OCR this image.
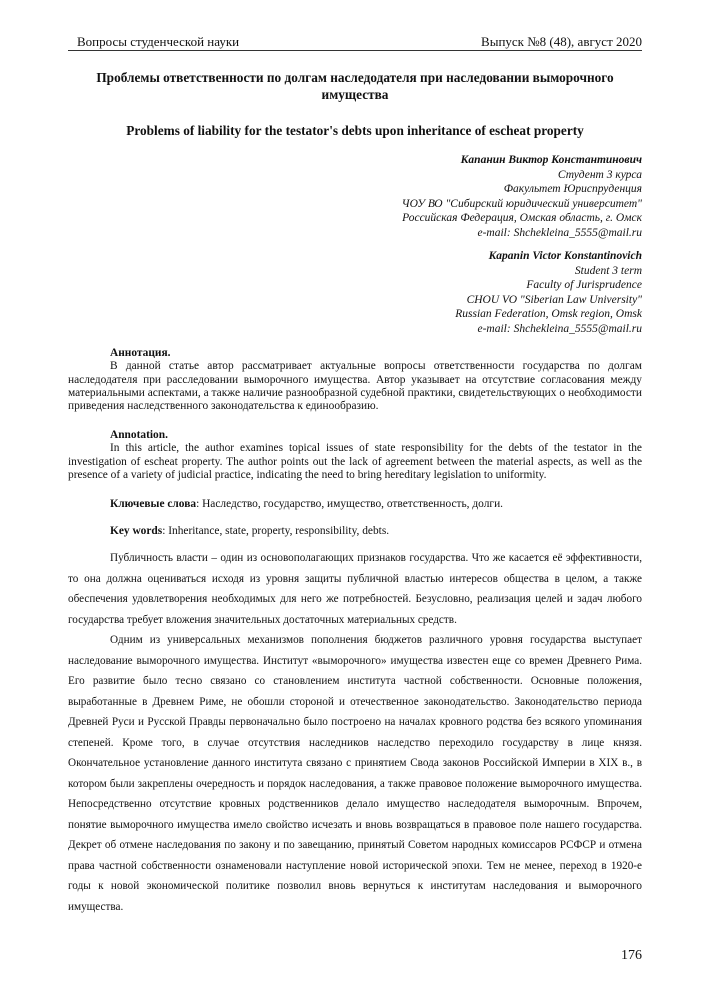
Вопросы студенческой науки	Выпуск №8 (48), август 2020
Проблемы ответственности по долгам наследодателя при наследовании выморочного имущества
Problems of liability for the testator's debts upon inheritance of escheat property
Капанин Виктор Константинович
Студент 3 курса
Факультет Юриспруденция
ЧОУ ВО "Сибирский юридический университет"
Российская Федерация, Омская область, г. Омск
e-mail: Shchekleina_5555@mail.ru
Kapanin Victor Konstantinovich
Student 3 term
Faculty of Jurisprudence
CHOU VO "Siberian Law University"
Russian Federation, Omsk region, Omsk
e-mail: Shchekleina_5555@mail.ru
Аннотация.
В данной статье автор рассматривает актуальные вопросы ответственности государства по долгам наследодателя при расследовании выморочного имущества. Автор указывает на отсутствие согласования между материальными аспектами, а также наличие разнообразной судебной практики, свидетельствующих о необходимости приведения наследственного законодательства к единообразию.
Annotation.
In this article, the author examines topical issues of state responsibility for the debts of the testator in the investigation of escheat property. The author points out the lack of agreement between the material aspects, as well as the presence of a variety of judicial practice, indicating the need to bring hereditary legislation to uniformity.
Ключевые слова: Наследство, государство, имущество, ответственность, долги.
Key words: Inheritance, state, property, responsibility, debts.

Публичность власти – один из основополагающих признаков государства. Что же касается её эффективности, то она должна оцениваться исходя из уровня защиты публичной властью интересов общества в целом, а также обеспечения удовлетворения необходимых для него же потребностей. Безусловно, реализация целей и задач любого государства требует вложения значительных достаточных материальных средств.

Одним из универсальных механизмов пополнения бюджетов различного уровня государства выступает наследование выморочного имущества. Институт «выморочного» имущества известен еще со времен Древнего Рима. Его развитие было тесно связано со становлением института частной собственности. Основные положения, выработанные в Древнем Риме, не обошли стороной и отечественное законодательство. Законодательство периода Древней Руси и Русской Правды первоначально было построено на началах кровного родства без всякого упоминания степеней. Кроме того, в случае отсутствия наследников наследство переходило государству в лице князя. Окончательное установление данного института связано с принятием Свода законов Российской Империи в XIX в., в котором были закреплены очередность и порядок наследования, а также правовое положение выморочного имущества. Непосредственно отсутствие кровных родственников делало имущество наследодателя выморочным. Впрочем, понятие выморочного имущества имело свойство исчезать и вновь возвращаться в правовое поле нашего государства. Декрет об отмене наследования по закону и по завещанию, принятый Советом народных комиссаров РСФСР и отмена права частной собственности ознаменовали наступление новой исторической эпохи. Тем не менее, переход в 1920-е годы к новой экономической политике позволил вновь вернуться к институтам наследования и выморочного имущества.

176
